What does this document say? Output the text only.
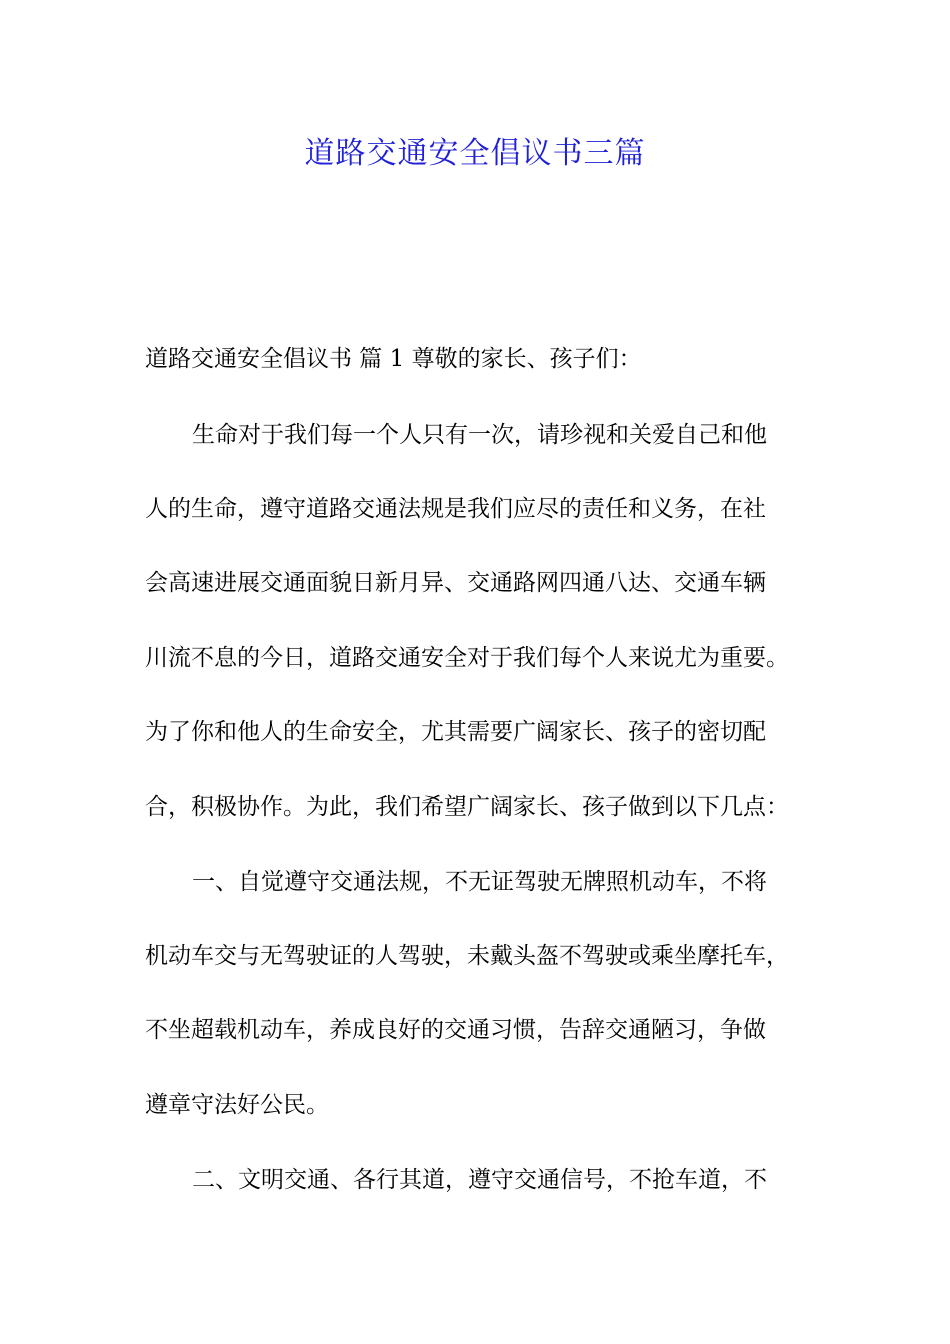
道路交通安全倡议书三篇

道路交通安全倡议书 篇 1 尊敬的家长、孩子们：

生命对于我们每一个人只有一次，请珍视和关爱自己和他

人的生命，遵守道路交通法规是我们应尽的责任和义务，在社

会高速进展交通面貌日新月异、交通路网四通八达、交通车辆

川流不息的今日，道路交通安全对于我们每个人来说尤为重要。

为了你和他人的生命安全，尤其需要广阔家长、孩子的密切配

合，积极协作。为此，我们希望广阔家长、孩子做到以下几点：

一、自觉遵守交通法规，不无证驾驶无牌照机动车，不将

机动车交与无驾驶证的人驾驶，未戴头盔不驾驶或乘坐摩托车，

不坐超载机动车，养成良好的交通习惯，告辞交通陋习，争做

遵章守法好公民。

二、文明交通、各行其道，遵守交通信号，不抢车道，不
